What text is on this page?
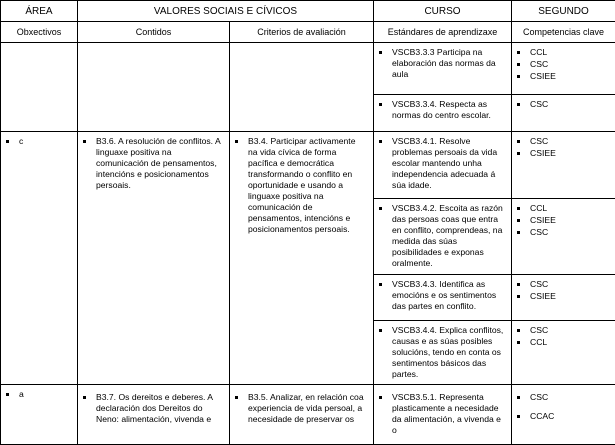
ÁREA	VALORES SOCIAIS E CÍVICOS		CURSO	SEGUNDO
Obxectivos	Contidos	Criterios de avaliación	Estándares de aprendizaxe	Competencias clave

			VSCB3.3.3 Participa na elaboración das normas da aula	CCL
CSC
CSIEE

			VSCB3.3.4. Respecta as normas do centro escolar.	CSC

c	B3.6. A resolución de conflitos. A linguaxe positiva na comunicación de pensamentos, intencións e posicionamentos persoais.	B3.4. Participar activamente na vida cívica de forma pacífica e democrática transformando o conflito en oportunidade e usando a linguaxe positiva na comunicación de pensamentos, intencións e posicionamentos persoais.	VSCB3.4.1. Resolve problemas persoais da vida escolar mantendo unha independencia adecuada á súa idade.	CSC
CSIEE

			VSCB3.4.2. Escoita as razón das persoas coas que entra en conflito, comprendeas, na medida das súas posibilidades e exponas oralmente.	CCL
CSIEE
CSC

			VSCB3.4.3. Identifica as emocións e os sentimentos das partes en conflito.	CSC
CSIEE

			VSCB3.4.4. Explica conflitos, causas e as súas posibles solucións, tendo en conta os sentimentos básicos das partes.	CSC
CCL

a	B3.7. Os dereitos e deberes. A declaración dos Dereitos do Neno: alimentación, vivenda e	B3.5. Analizar, en relación coa experiencia de vida persoal, a necesidade de preservar os	VSCB3.5.1. Representa plasticamente a necesidade da alimentación, a vivenda e o	CSC
CCAC
